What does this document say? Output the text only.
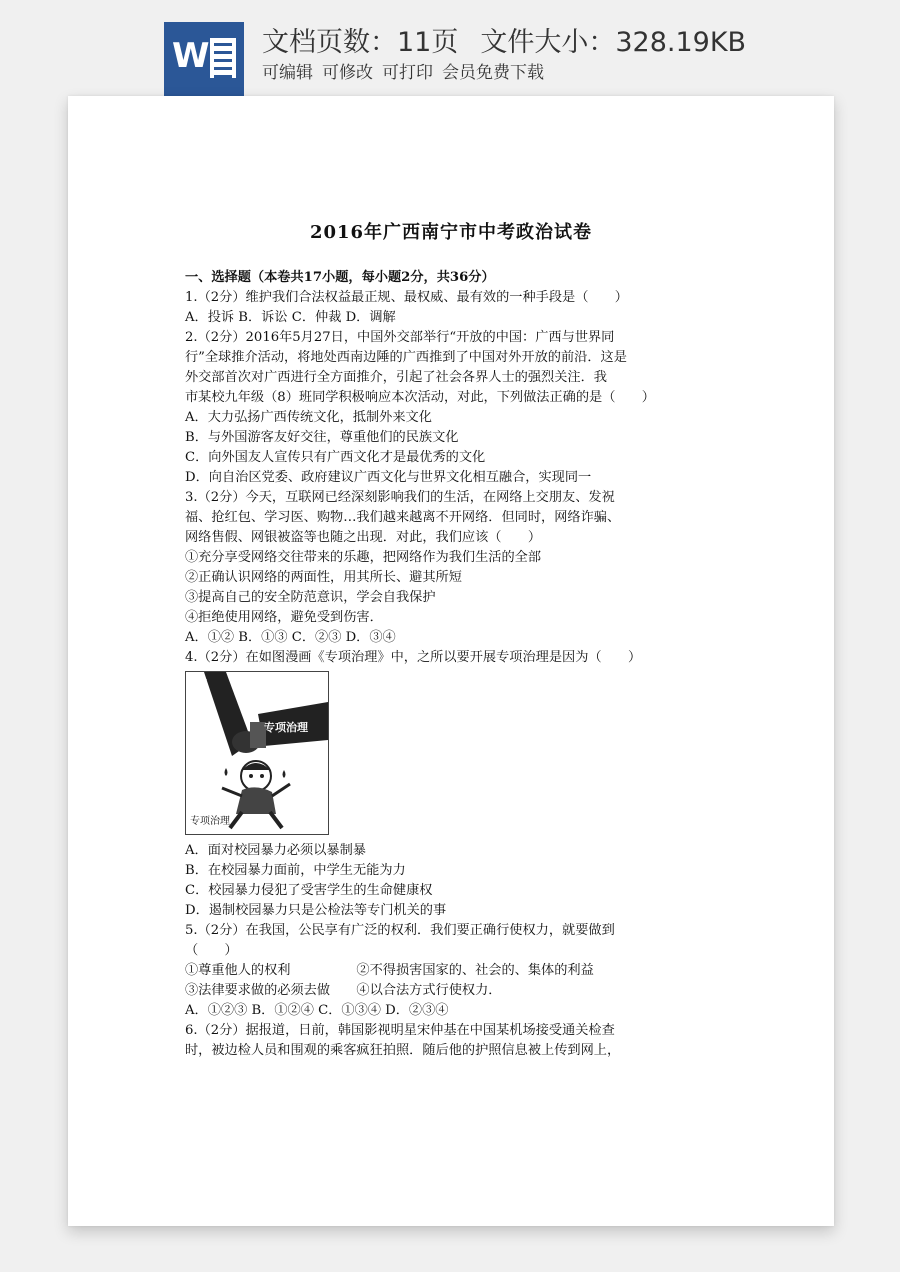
W 文档页数：11页 文件大小：328.19KB
可编辑 可修改 可打印 会员免费下载
2016年广西南宁市中考政治试卷
一、选择题（本卷共17小题，每小题2分，共36分）
1.（2分）维护我们合法权益最正规、最权威、最有效的一种手段是（　　）
A．投诉 B．诉讼 C．仲裁 D．调解
2.（2分）2016年5月27日，中国外交部举行“开放的中国：广西与世界同
行”全球推介活动，将地处西南边陲的广西推到了中国对外开放的前沿．这是
外交部首次对广西进行全方面推介，引起了社会各界人士的强烈关注．我
市某校九年级（8）班同学积极响应本次活动，对此，下列做法正确的是（　　）
A．大力弘扬广西传统文化，抵制外来文化
B．与外国游客友好交往，尊重他们的民族文化
C．向外国友人宣传只有广西文化才是最优秀的文化
D．向自治区党委、政府建议广西文化与世界文化相互融合，实现同一
3.（2分）今天，互联网已经深刻影响我们的生活，在网络上交朋友、发祝
福、抢红包、学习医、购物…我们越来越离不开网络．但同时，网络诈骗、
网络售假、网银被盗等也随之出现．对此，我们应该（　　）
①充分享受网络交往带来的乐趣，把网络作为我们生活的全部
②正确认识网络的两面性，用其所长、避其所短
③提高自己的安全防范意识，学会自我保护
④拒绝使用网络，避免受到伤害．
A．①② B．①③ C．②③ D．③④
4.（2分）在如图漫画《专项治理》中，之所以要开展专项治理是因为（　　）
校园暴力
专项治理
专项治理
A．面对校园暴力必须以暴制暴
B．在校园暴力面前，中学生无能为力
C．校园暴力侵犯了受害学生的生命健康权
D．遏制校园暴力只是公检法等专门机关的事
5.（2分）在我国，公民享有广泛的权利．我们要正确行使权力，就要做到
（　　）
①尊重他人的权利　　　　　②不得损害国家的、社会的、集体的利益
③法律要求做的必须去做　　④以合法方式行使权力．
A．①②③ B．①②④ C．①③④ D．②③④
6.（2分）据报道，日前，韩国影视明星宋仲基在中国某机场接受通关检查
时，被边检人员和围观的乘客疯狂拍照．随后他的护照信息被上传到网上，
